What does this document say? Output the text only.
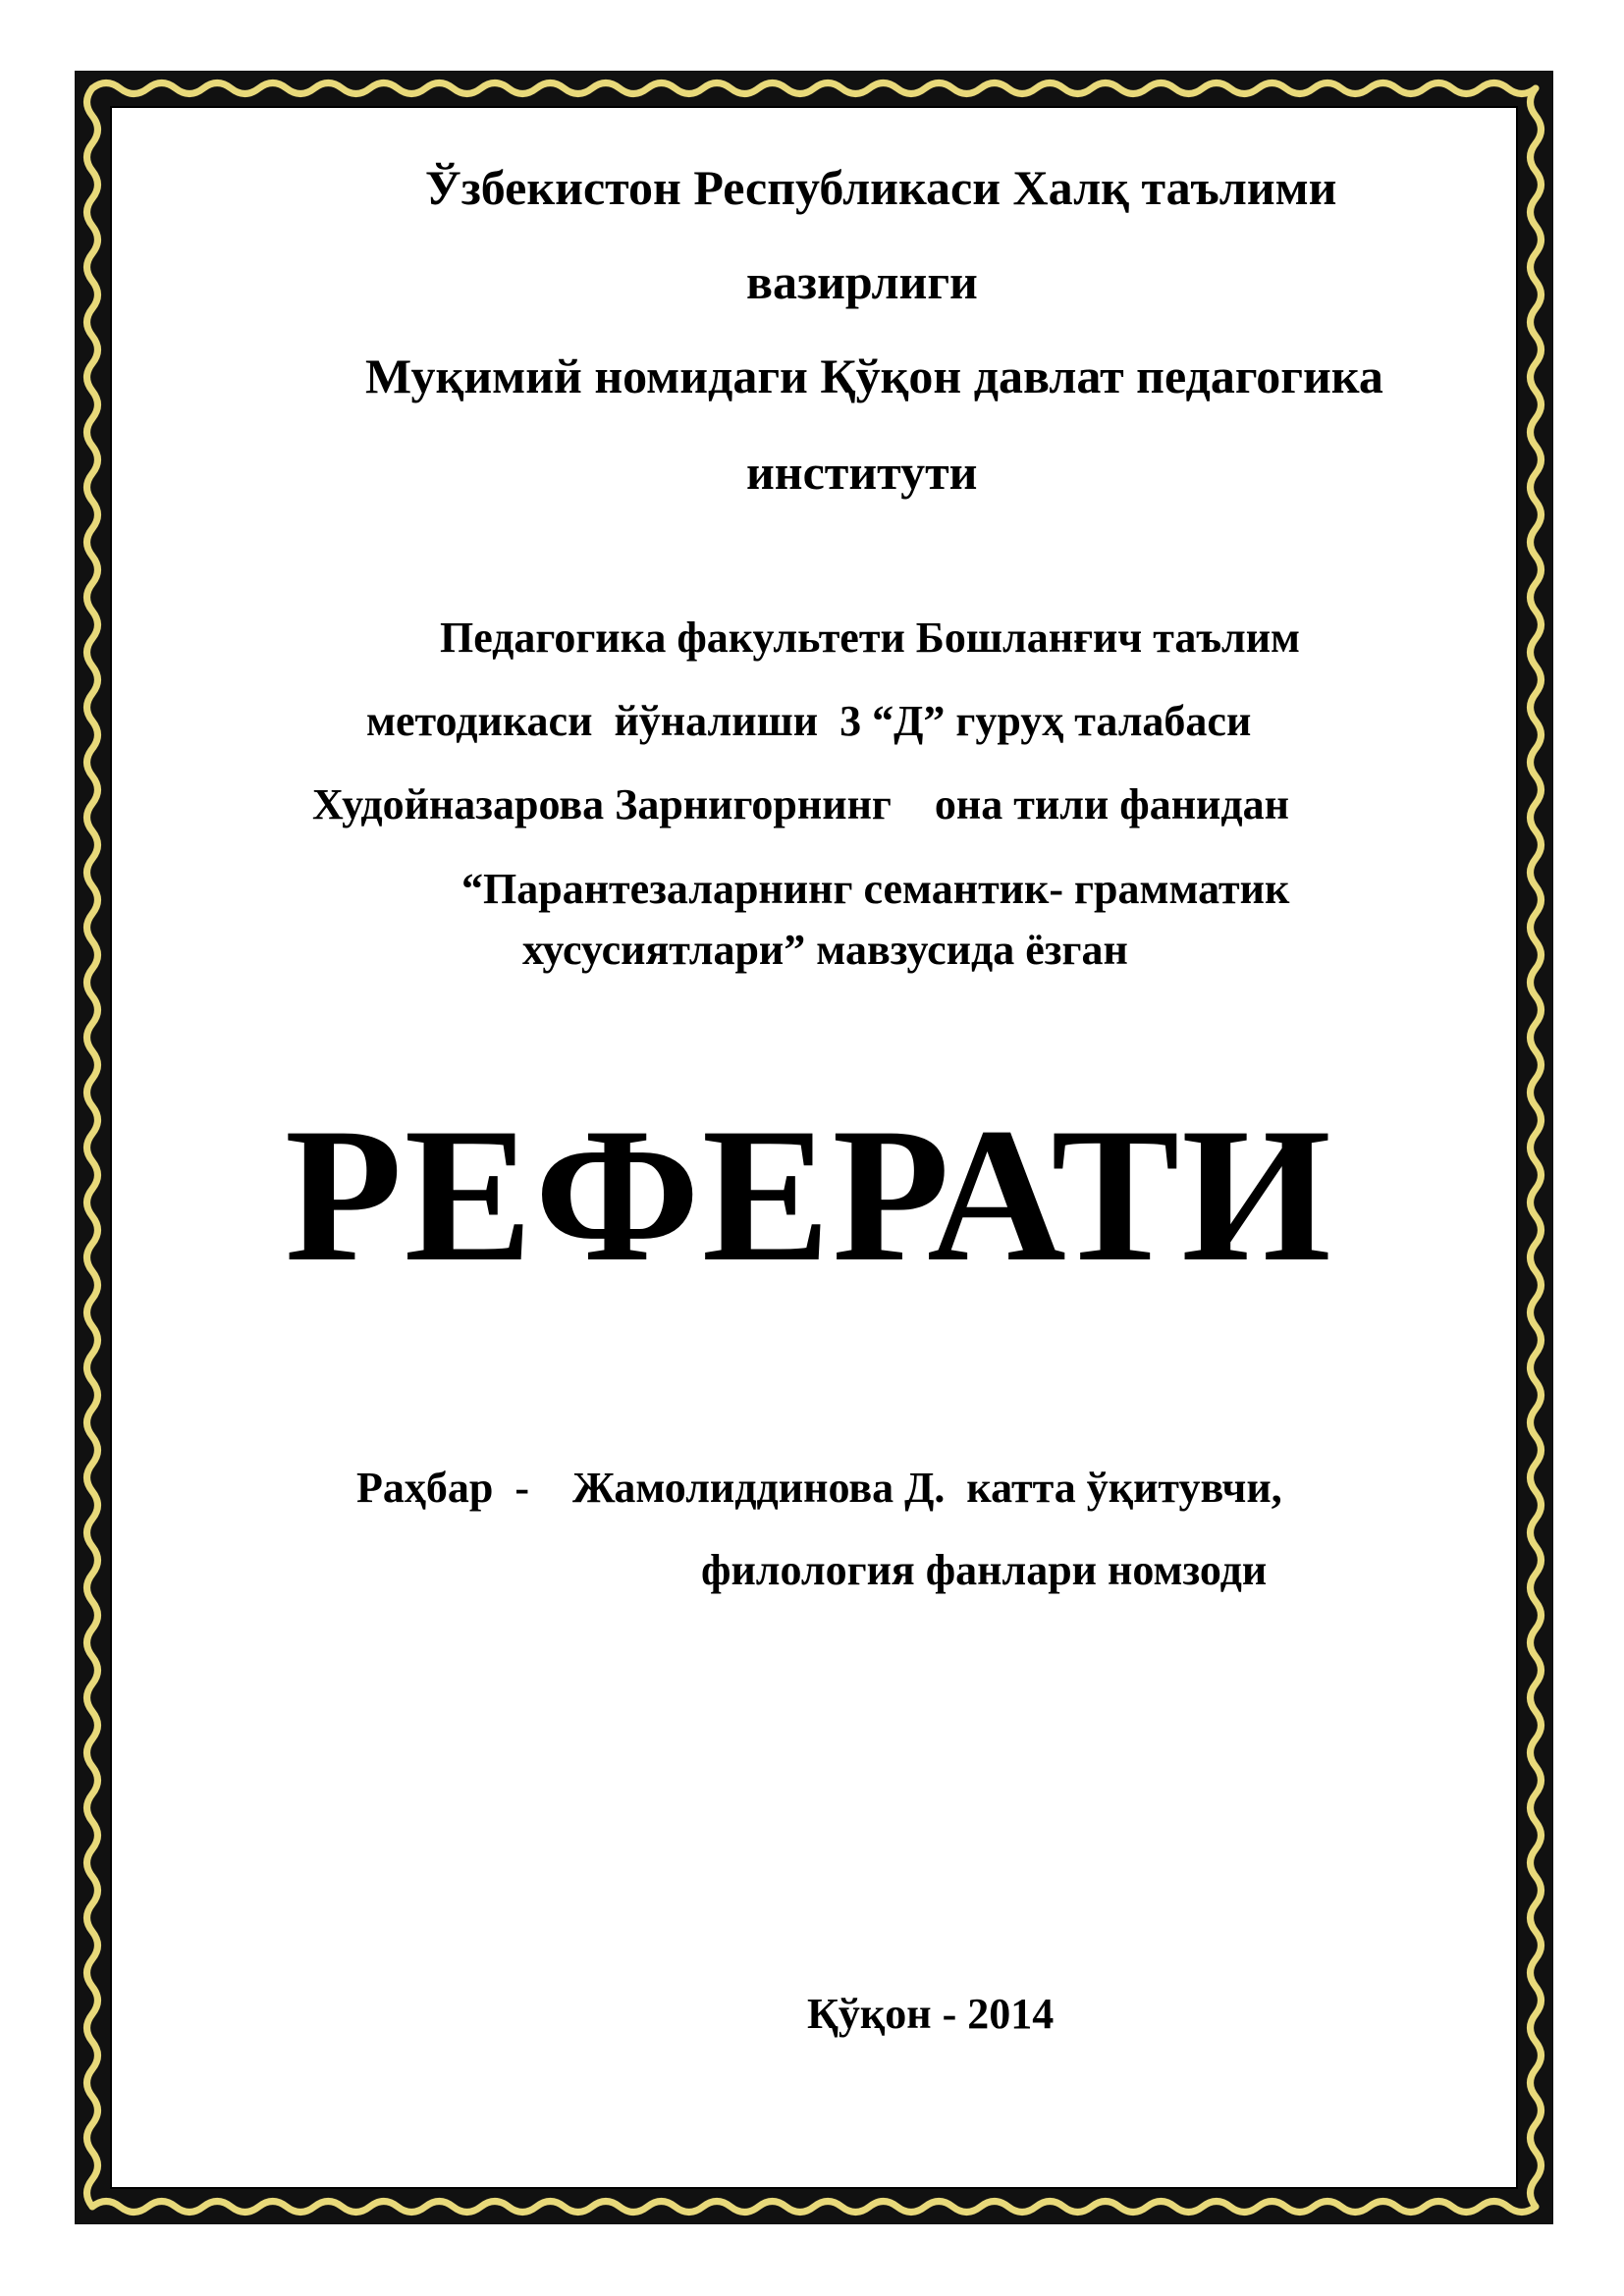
Ўзбекистон Республикаси Халқ таълими
вазирлиги
Муқимий номидаги Қўқон давлат педагогика
институти
Педагогика факультети Бошланғич таълим
методикаси  йўналиши  3 “Д” гуруҳ талабаси
Худойназарова Зарнигорнинг    она тили фанидан
“Парантезаларнинг семантик- грамматик
хусусиятлари” мавзусида ёзган
РЕФЕРАТИ
Раҳбар  -    Жамолиддинова Д.  катта ўқитувчи,
филология фанлари номзоди
Қўқон - 2014
